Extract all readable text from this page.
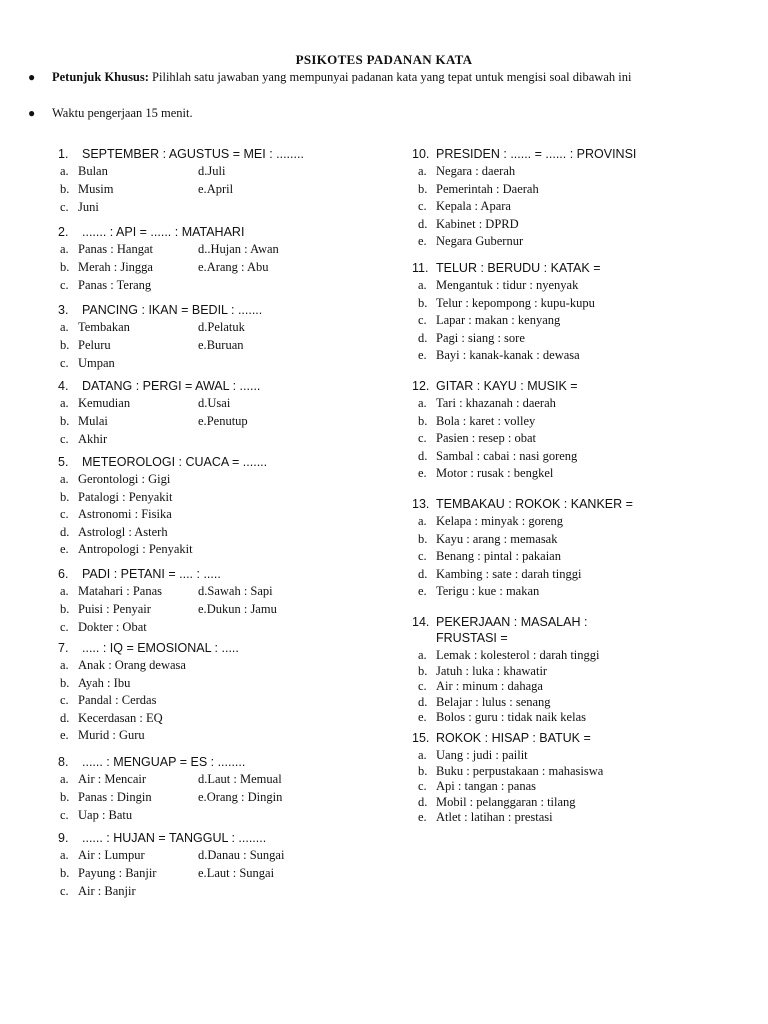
PSIKOTES PADANAN KATA
● Petunjuk Khusus: Pilihlah satu jawaban yang mempunyai padanan kata yang tepat untuk mengisi soal dibawah ini
● Waktu pengerjaan 15 menit.
1. SEPTEMBER : AGUSTUS = MEI : ........
a. Bulan
b. Musim
c. Juni
d.Juli
e.April
2. ....... : API = ...... : MATAHARI
a. Panas : Hangat
b. Merah : Jingga
c. Panas : Terang
d..Hujan : Awan
e.Arang : Abu
3. PANCING : IKAN = BEDIL : .......
a. Tembakan
b. Peluru
c. Umpan
d.Pelatuk
e.Buruan
4. DATANG : PERGI = AWAL : ......
a. Kemudian
b. Mulai
c. Akhir
d.Usai
e.Penutup
5. METEOROLOGI : CUACA = .......
a. Gerontologi : Gigi
b. Patalogi : Penyakit
c. Astronomi : Fisika
d. Astrologl : Asterh
e. Antropologi : Penyakit
6. PADI : PETANI = .... : .....
a. Matahari : Panas
b. Puisi : Penyair
c. Dokter : Obat
d.Sawah : Sapi
e.Dukun : Jamu
7. ..... : IQ = EMOSIONAL : .....
a. Anak : Orang dewasa
b. Ayah : Ibu
c. Pandal : Cerdas
d. Kecerdasan : EQ
e. Murid : Guru
8. ...... : MENGUAP = ES : ........
a. Air : Mencair
b. Panas : Dingin
c. Uap : Batu
d.Laut : Memual
e.Orang : Dingin
9. ...... : HUJAN = TANGGUL : ........
a. Air : Lumpur
b. Payung : Banjir
c. Air : Banjir
d.Danau : Sungai
e.Laut : Sungai
10. PRESIDEN : ...... = ...... : PROVINSI
a. Negara : daerah
b. Pemerintah : Daerah
c. Kepala : Apara
d. Kabinet : DPRD
e. Negara Gubernur
11. TELUR : BERUDU : KATAK =
a. Mengantuk : tidur : nyenyak
b. Telur : kepompong : kupu-kupu
c. Lapar : makan : kenyang
d. Pagi : siang : sore
e. Bayi : kanak-kanak : dewasa
12. GITAR : KAYU : MUSIK =
a. Tari : khazanah : daerah
b. Bola : karet : volley
c. Pasien : resep : obat
d. Sambal : cabai : nasi goreng
e. Motor : rusak : bengkel
13. TEMBAKAU : ROKOK : KANKER =
a. Kelapa : minyak : goreng
b. Kayu : arang : memasak
c. Benang : pintal : pakaian
d. Kambing : sate : darah tinggi
e. Terigu : kue : makan
14. PEKERJAAN : MASALAH :
FRUSTASI =
a. Lemak : kolesterol : darah tinggi
b. Jatuh : luka : khawatir
c. Air : minum : dahaga
d. Belajar : lulus : senang
e. Bolos : guru : tidak naik kelas
15. ROKOK : HISAP : BATUK =
a. Uang : judi : pailit
b. Buku : perpustakaan : mahasiswa
c. Api : tangan : panas
d. Mobil : pelanggaran : tilang
e. Atlet : latihan : prestasi
